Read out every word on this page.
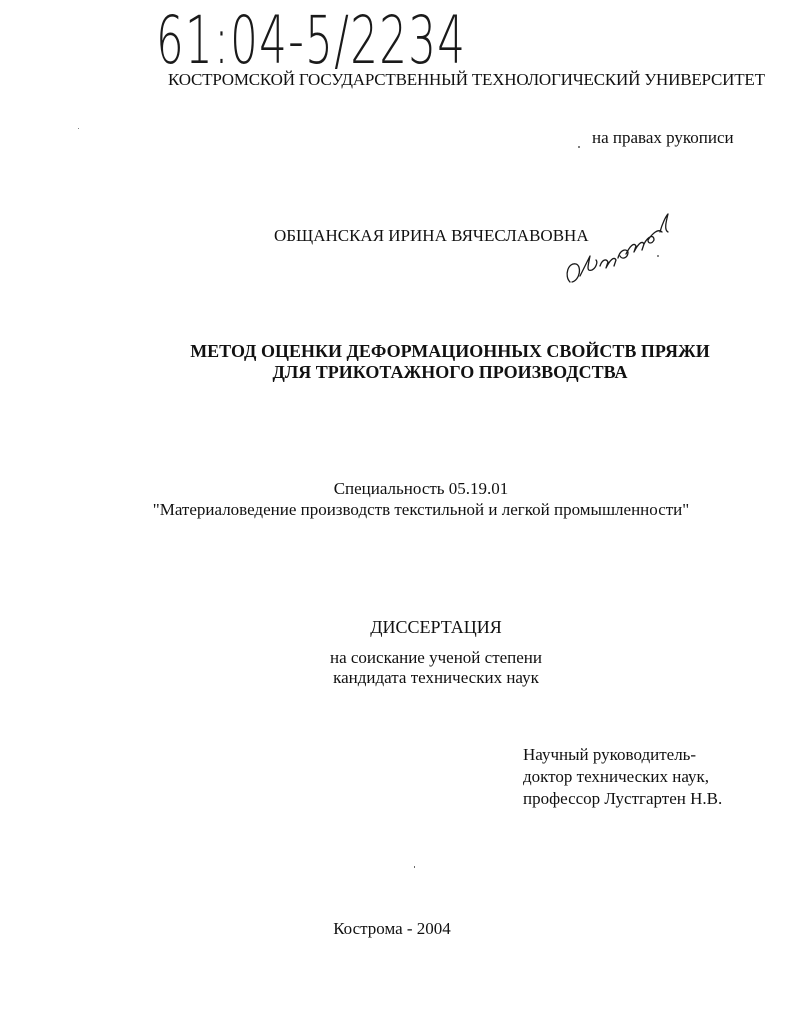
61:04-5/2234
КОСТРОМСКОЙ ГОСУДАРСТВЕННЫЙ ТЕХНОЛОГИЧЕСКИЙ УНИВЕРСИТЕТ
на правах рукописи
ОБЩАНСКАЯ ИРИНА ВЯЧЕСЛАВОВНА
МЕТОД ОЦЕНКИ ДЕФОРМАЦИОННЫХ СВОЙСТВ ПРЯЖИ
ДЛЯ ТРИКОТАЖНОГО ПРОИЗВОДСТВА
Специальность 05.19.01
"Материаловедение производств текстильной и легкой промышленности"
ДИССЕРТАЦИЯ
на соискание ученой степени
кандидата технических наук
Научный руководитель-
доктор технических наук,
профессор Лустгартен Н.В.
Кострома - 2004
